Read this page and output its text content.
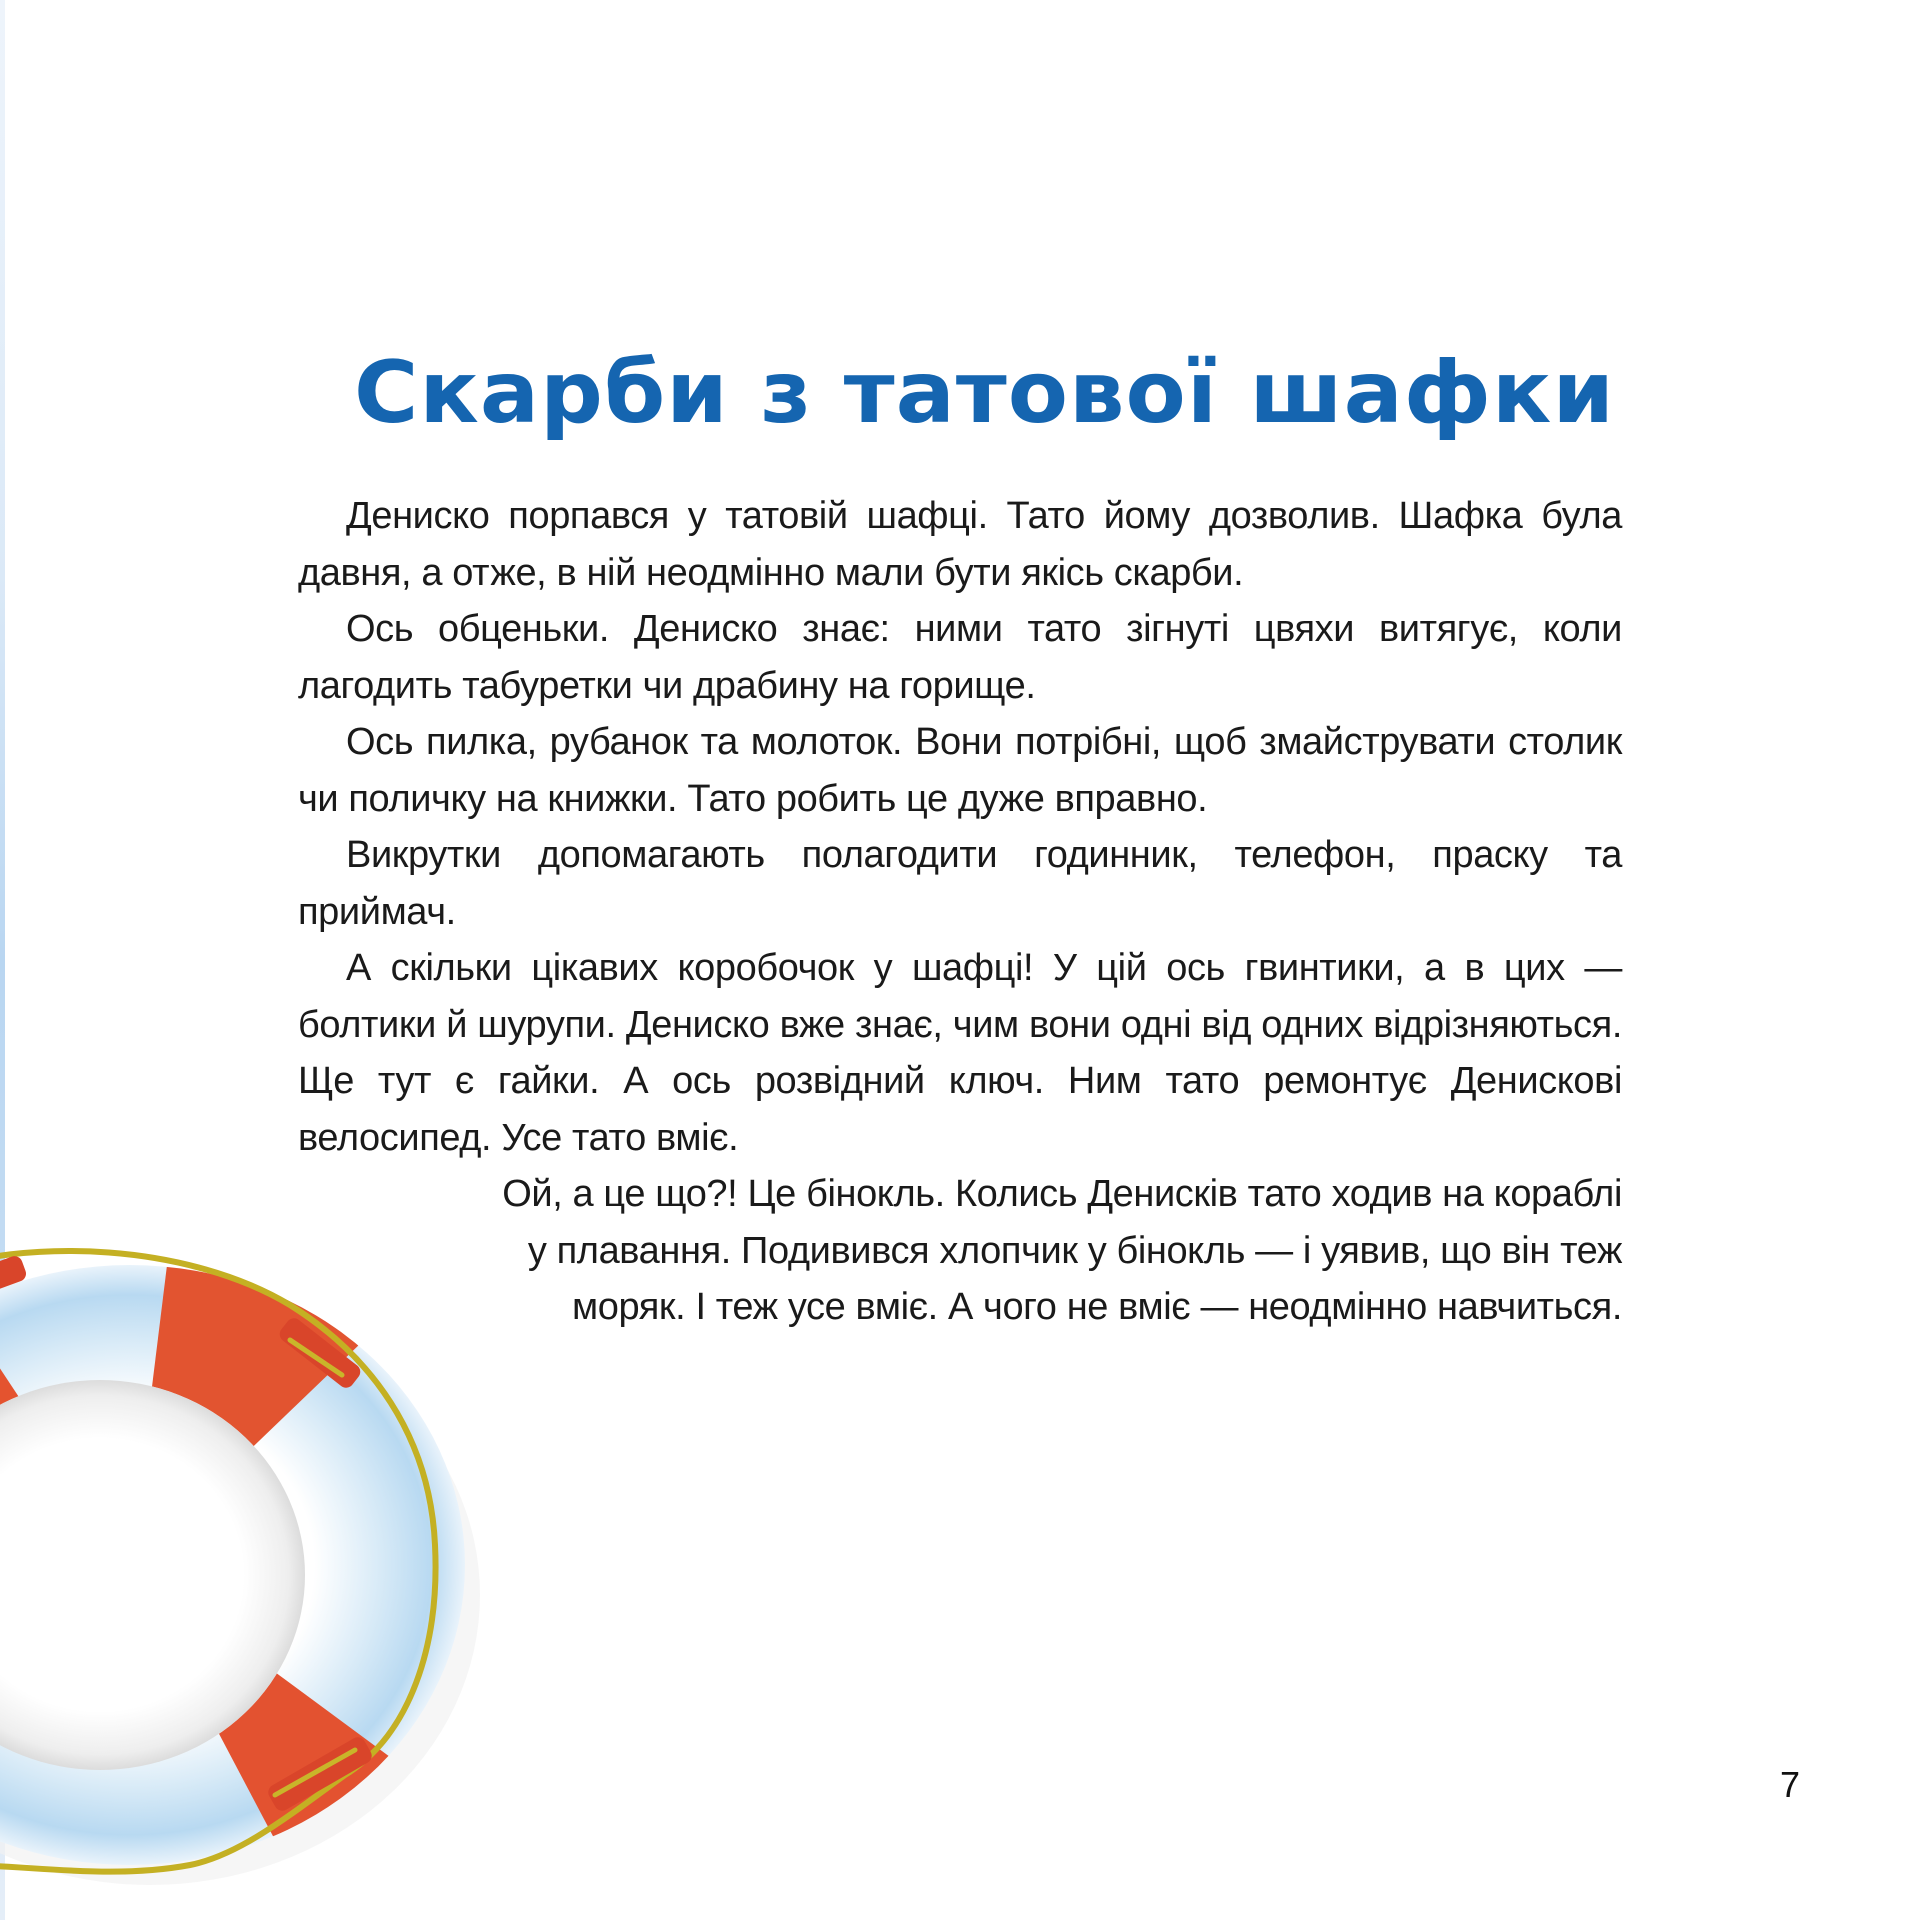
Скарби з татової шафки

Дениско порпався у татовій шафці. Тато йому дозволив. Шафка була давня, а отже, в ній неодмінно мали бути якісь скарби.

Ось обценьки. Дениско знає: ними тато зігнуті цвяхи витягує, коли лагодить табуретки чи драбину на горище.

Ось пилка, рубанок та молоток. Вони потрібні, щоб змайструвати столик чи поличку на книжки. Тато робить це дуже вправно.

Викрутки допомагають полагодити годинник, телефон, праску та приймач.

А скільки цікавих коробочок у шафці! У цій ось гвинтики, а в цих — болтики й шурупи. Дениско вже знає, чим вони одні від одних відрізняються. Ще тут є гайки. А ось розвідний ключ. Ним тато ремонтує Денискові велосипед. Усе тато вміє.

Ой, а це що?! Це бінокль. Колись Денисків тато ходив на кораблі
у плавання. Подивився хлопчик у бінокль — і уявив, що він теж
моряк. І теж усе вміє. А чого не вміє — неодмінно навчиться.

7
